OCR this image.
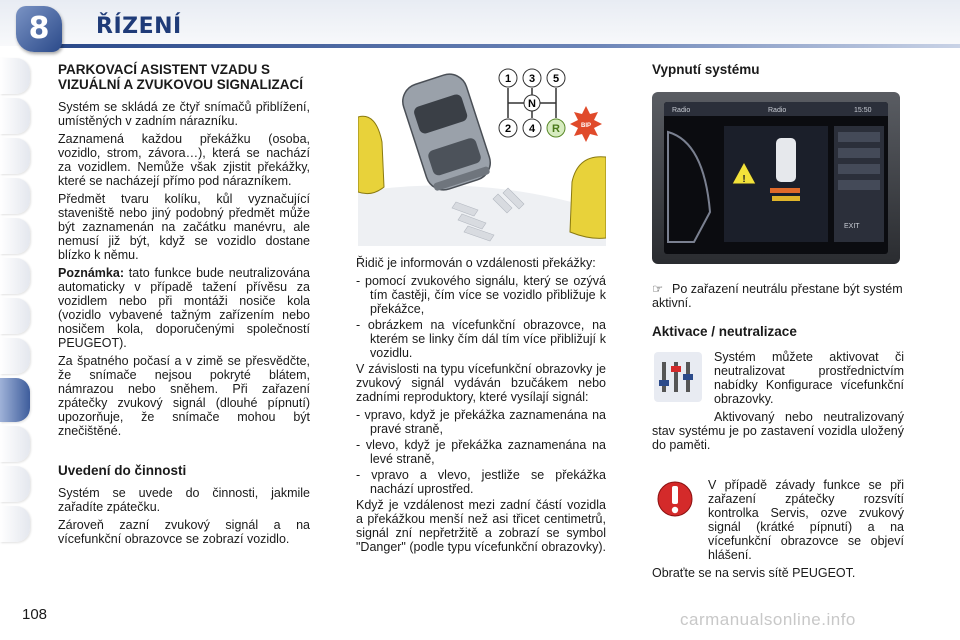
8	ŘÍZENÍ
PARKOVACÍ ASISTENT VZADU S VIZUÁLNÍ A ZVUKOVOU SIGNALIZACÍ

Systém se skládá ze čtyř snímačů přiblížení, umístěných v zadním nárazníku.

Zaznamená každou překážku (osoba, vozidlo, strom, závora…), která se nachází za vozidlem. Nemůže však zjistit překážky, které se nacházejí přímo pod nárazníkem.

Předmět tvaru kolíku, kůl vyznačující staveniště nebo jiný podobný předmět může být zaznamenán na začátku manévru, ale nemusí již být, když se vozidlo dostane blízko k němu.

Poznámka: tato funkce bude neutralizována automaticky v případě tažení přívěsu za vozidlem nebo při montáži nosiče kola (vozidlo vybavené tažným zařízením nebo nosičem kola, doporučenými společností PEUGEOT).

Za špatného počasí a v zimě se přesvědčte, že snímače nejsou pokryté blátem, námrazou nebo sněhem. Při zařazení zpátečky zvukový signál (dlouhé pípnutí) upozorňuje, že snímače mohou být znečištěné.

Uvedení do činnosti

Systém se uvede do činnosti, jakmile zařadíte zpátečku.

Zároveň zazní zvukový signál a na vícefunkční obrazovce se zobrazí vozidlo.

1 3 5
N
2 4 R	BIP

Řidič je informován o vzdálenosti překážky:

- pomocí zvukového signálu, který se ozývá tím častěji, čím více se vozidlo přibližuje k překážce,

- obrázkem na vícefunkční obrazovce, na kterém se linky čím dál tím více přibližují k vozidlu.

V závislosti na typu vícefunkční obrazovky je zvukový signál vydáván bzučákem nebo zadními reproduktory, které vysílají signál:

- vpravo, když je překážka zaznamenána na pravé straně,

- vlevo, když je překážka zaznamenána na levé straně,

- vpravo a vlevo, jestliže se překážka nachází uprostřed.

Když je vzdálenost mezi zadní částí vozidla a překážkou menší než asi třicet centimetrů, signál zní nepřetržitě a zobrazí se symbol "Danger" (podle typu vícefunkční obrazovky).

Vypnutí systému
Radio	Radio	15:50
!
EXIT
☞ Po zařazení neutrálu přestane být systém aktivní.
Aktivace / neutralizace

Systém můžete aktivovat či neutralizovat prostřednictvím nabídky Konfigurace vícefunkční obrazovky.

Aktivovaný nebo neutralizovaný stav systému je po zastavení vozidla uložený do paměti.

V případě závady funkce se při zařazení zpátečky rozsvítí kontrolka Servis, ozve zvukový signál (krátké pípnutí) a na vícefunkční obrazovce se objeví hlášení.

Obraťte se na servis sítě PEUGEOT.

108	carmanualsonline.info
